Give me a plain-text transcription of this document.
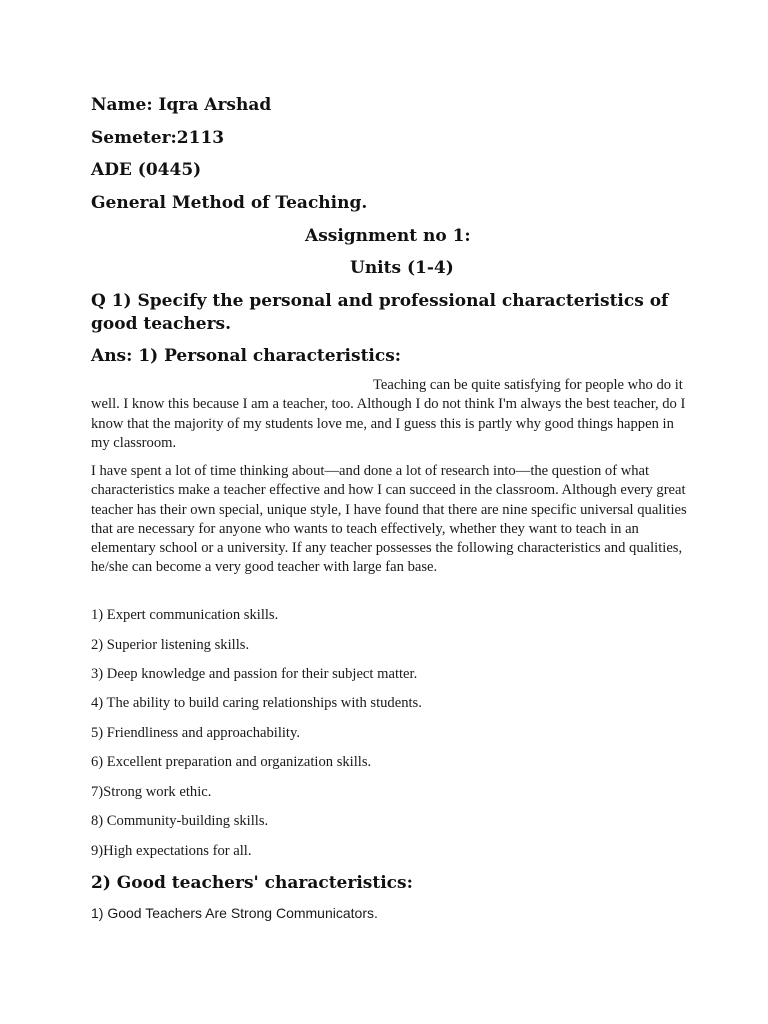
Name: Iqra Arshad
Semeter:2113
ADE (0445)
General Method of Teaching.
Assignment no 1:
Units (1-4)
Q 1) Specify the personal and professional characteristics of good teachers.
Ans: 1) Personal characteristics:
Teaching can be quite satisfying for people who do it well. I know this because I am a teacher, too. Although I do not think I'm always the best teacher, do I know that the majority of my students love me, and I guess this is partly why good things happen in my classroom.
I have spent a lot of time thinking about—and done a lot of research into—the question of what characteristics make a teacher effective and how I can succeed in the classroom. Although every great teacher has their own special, unique style, I have found that there are nine specific universal qualities that are necessary for anyone who wants to teach effectively, whether they want to teach in an elementary school or a university. If any teacher possesses the following characteristics and qualities, he/she can become a very good teacher with large fan base.
1) Expert communication skills.
2) Superior listening skills.
3) Deep knowledge and passion for their subject matter.
4) The ability to build caring relationships with students.
5) Friendliness and approachability.
6) Excellent preparation and organization skills.
7)Strong work ethic.
8) Community-building skills.
9)High expectations for all.
2) Good teachers' characteristics:
1) Good Teachers Are Strong Communicators.
